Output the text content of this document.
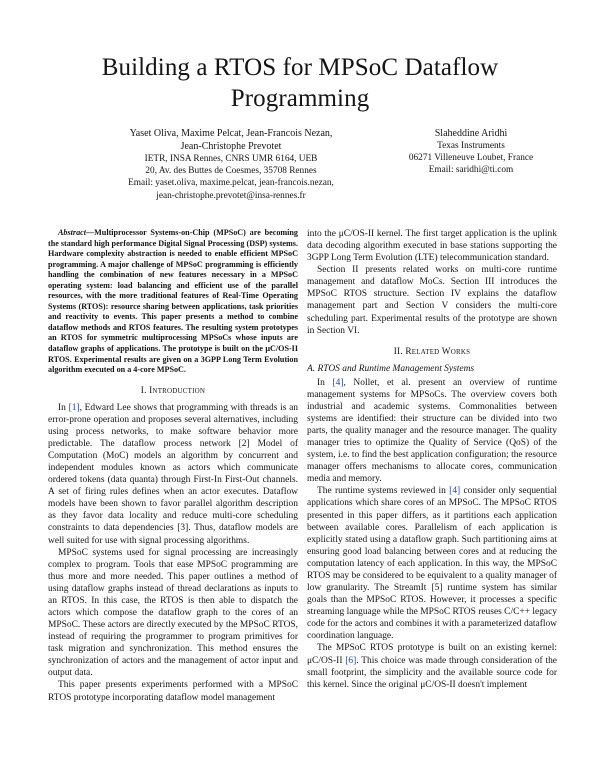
Building a RTOS for MPSoC Dataflow
Programming
Yaset Oliva, Maxime Pelcat, Jean-Francois Nezan,
Jean-Christophe Prevotet
IETR, INSA Rennes, CNRS UMR 6164, UEB
20, Av. des Buttes de Coesmes, 35708 Rennes
Email: yaset.oliva, maxime.pelcat, jean-francois.nezan,
jean-christophe.prevotet@insa-rennes.fr
Slaheddine Aridhi
Texas Instruments
06271 Villeneuve Loubet, France
Email: saridhi@ti.com

Abstract—Multiprocessor Systems-on-Chip (MPSoC) are becoming the standard high performance Digital Signal Processing (DSP) systems. Hardware complexity abstraction is needed to enable efficient MPSoC programming. A major challenge of MPSoC programming is efficiently handling the combination of new features necessary in a MPSoC operating system: load balancing and efficient use of the parallel resources, with the more traditional features of Real-Time Operating Systems (RTOS): resource sharing between applications, task priorities and reactivity to events. This paper presents a method to combine dataflow methods and RTOS features. The resulting system prototypes an RTOS for symmetric multiprocessing MPSoCs whose inputs are dataflow graphs of applications. The prototype is built on the μC/OS-II RTOS. Experimental results are given on a 3GPP Long Term Evolution algorithm executed on a 4-core MPSoC.

I. Introduction

In [1], Edward Lee shows that programming with threads is an error-prone operation and proposes several alternatives, including using process networks, to make software behavior more predictable. The dataflow process network [2] Model of Computation (MoC) models an algorithm by concurrent and independent modules known as actors which communicate ordered tokens (data quanta) through First-In First-Out channels. A set of firing rules defines when an actor executes. Dataflow models have been shown to favor parallel algorithm description as they favor data locality and reduce multi-core scheduling constraints to data dependencies [3]. Thus, dataflow models are well suited for use with signal processing algorithms.

MPSoC systems used for signal processing are increasingly complex to program. Tools that ease MPSoC programming are thus more and more needed. This paper outlines a method of using dataflow graphs instead of thread declarations as inputs to an RTOS. In this case, the RTOS is then able to dispatch the actors which compose the dataflow graph to the cores of an MPSoC. These actors are directly executed by the MPSoC RTOS, instead of requiring the programmer to program primitives for task migration and synchronization. This method ensures the synchronization of actors and the management of actor input and output data.

This paper presents experiments performed with a MPSoC RTOS prototype incorporating dataflow model management

into the μC/OS-II kernel. The first target application is the uplink data decoding algorithm executed in base stations supporting the 3GPP Long Term Evolution (LTE) telecommunication standard.

Section II presents related works on multi-core runtime management and dataflow MoCs. Section III introduces the MPSoC RTOS structure. Section IV explains the dataflow management part and Section V considers the multi-core scheduling part. Experimental results of the prototype are shown in Section VI.

II. Related Works
A. RTOS and Runtime Management Systems

In [4], Nollet, et al. present an overview of runtime management systems for MPSoCs. The overview covers both industrial and academic systems. Commonalities between systems are identified: their structure can be divided into two parts, the quality manager and the resource manager. The quality manager tries to optimize the Quality of Service (QoS) of the system, i.e. to find the best application configuration; the resource manager offers mechanisms to allocate cores, communication media and memory.

The runtime systems reviewed in [4] consider only sequential applications which share cores of an MPSoC. The MPSoC RTOS presented in this paper differs, as it partitions each application between available cores. Parallelism of each application is explicitly stated using a dataflow graph. Such partitioning aims at ensuring good load balancing between cores and at reducing the computation latency of each application. In this way, the MPSoC RTOS may be considered to be equivalent to a quality manager of low granularity. The StreamIt [5] runtime system has similar goals than the MPSoC RTOS. However, it processes a specific streaming language while the MPSoC RTOS reuses C/C++ legacy code for the actors and combines it with a parameterized dataflow coordination language.

The MPSoC RTOS prototype is built on an existing kernel: μC/OS-II [6]. This choice was made through consideration of the small footprint, the simplicity and the available source code for this kernel. Since the original μC/OS-II doesn't implement
